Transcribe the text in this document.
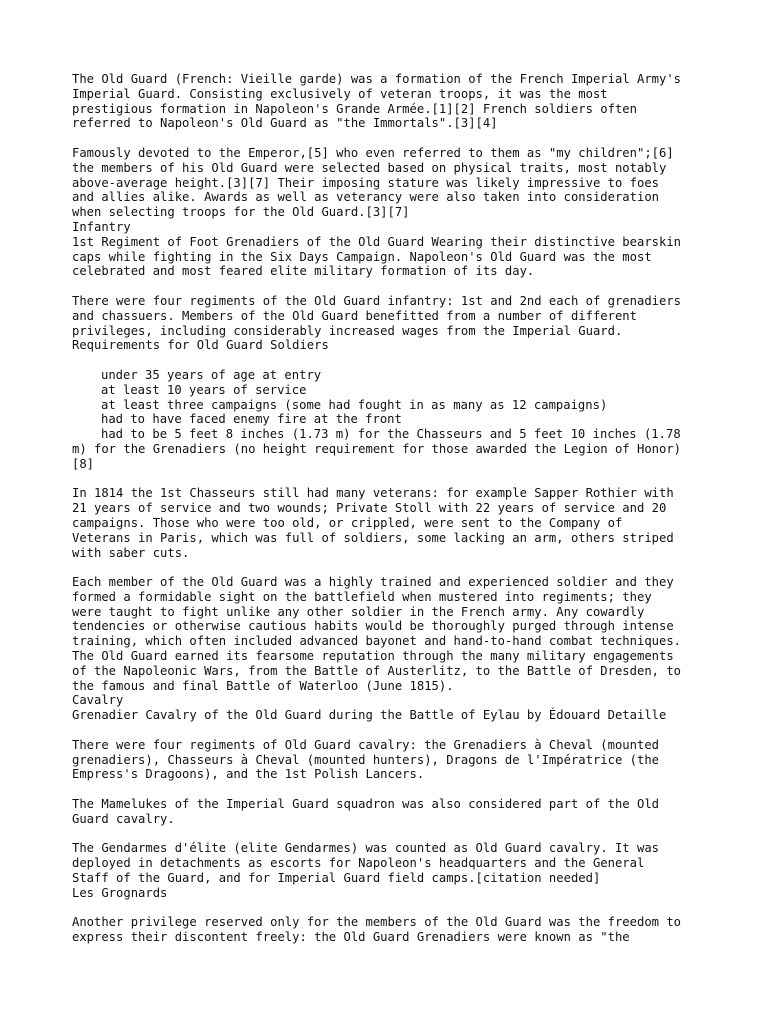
The Old Guard (French: Vieille garde) was a formation of the French Imperial Army's
Imperial Guard. Consisting exclusively of veteran troops, it was the most
prestigious formation in Napoleon's Grande Armée.[1][2] French soldiers often
referred to Napoleon's Old Guard as "the Immortals".[3][4]

Famously devoted to the Emperor,[5] who even referred to them as "my children";[6]
the members of his Old Guard were selected based on physical traits, most notably
above-average height.[3][7] Their imposing stature was likely impressive to foes
and allies alike. Awards as well as veterancy were also taken into consideration
when selecting troops for the Old Guard.[3][7]
Infantry
1st Regiment of Foot Grenadiers of the Old Guard Wearing their distinctive bearskin
caps while fighting in the Six Days Campaign. Napoleon's Old Guard was the most
celebrated and most feared elite military formation of its day.

There were four regiments of the Old Guard infantry: 1st and 2nd each of grenadiers
and chassuers. Members of the Old Guard benefitted from a number of different
privileges, including considerably increased wages from the Imperial Guard.
Requirements for Old Guard Soldiers

under 35 years of age at entry
at least 10 years of service
at least three campaigns (some had fought in as many as 12 campaigns)
had to have faced enemy fire at the front
had to be 5 feet 8 inches (1.73 m) for the Chasseurs and 5 feet 10 inches (1.78

m) for the Grenadiers (no height requirement for those awarded the Legion of Honor)
[8]

In 1814 the 1st Chasseurs still had many veterans: for example Sapper Rothier with
21 years of service and two wounds; Private Stoll with 22 years of service and 20
campaigns. Those who were too old, or crippled, were sent to the Company of
Veterans in Paris, which was full of soldiers, some lacking an arm, others striped
with saber cuts.

Each member of the Old Guard was a highly trained and experienced soldier and they
formed a formidable sight on the battlefield when mustered into regiments; they
were taught to fight unlike any other soldier in the French army. Any cowardly
tendencies or otherwise cautious habits would be thoroughly purged through intense
training, which often included advanced bayonet and hand-to-hand combat techniques.
The Old Guard earned its fearsome reputation through the many military engagements
of the Napoleonic Wars, from the Battle of Austerlitz, to the Battle of Dresden, to
the famous and final Battle of Waterloo (June 1815).
Cavalry
Grenadier Cavalry of the Old Guard during the Battle of Eylau by Édouard Detaille

There were four regiments of Old Guard cavalry: the Grenadiers à Cheval (mounted
grenadiers), Chasseurs à Cheval (mounted hunters), Dragons de l'Impératrice (the
Empress's Dragoons), and the 1st Polish Lancers.

The Mamelukes of the Imperial Guard squadron was also considered part of the Old
Guard cavalry.

The Gendarmes d'élite (elite Gendarmes) was counted as Old Guard cavalry. It was
deployed in detachments as escorts for Napoleon's headquarters and the General
Staff of the Guard, and for Imperial Guard field camps.[citation needed]
Les Grognards

Another privilege reserved only for the members of the Old Guard was the freedom to
express their discontent freely: the Old Guard Grenadiers were known as "the
